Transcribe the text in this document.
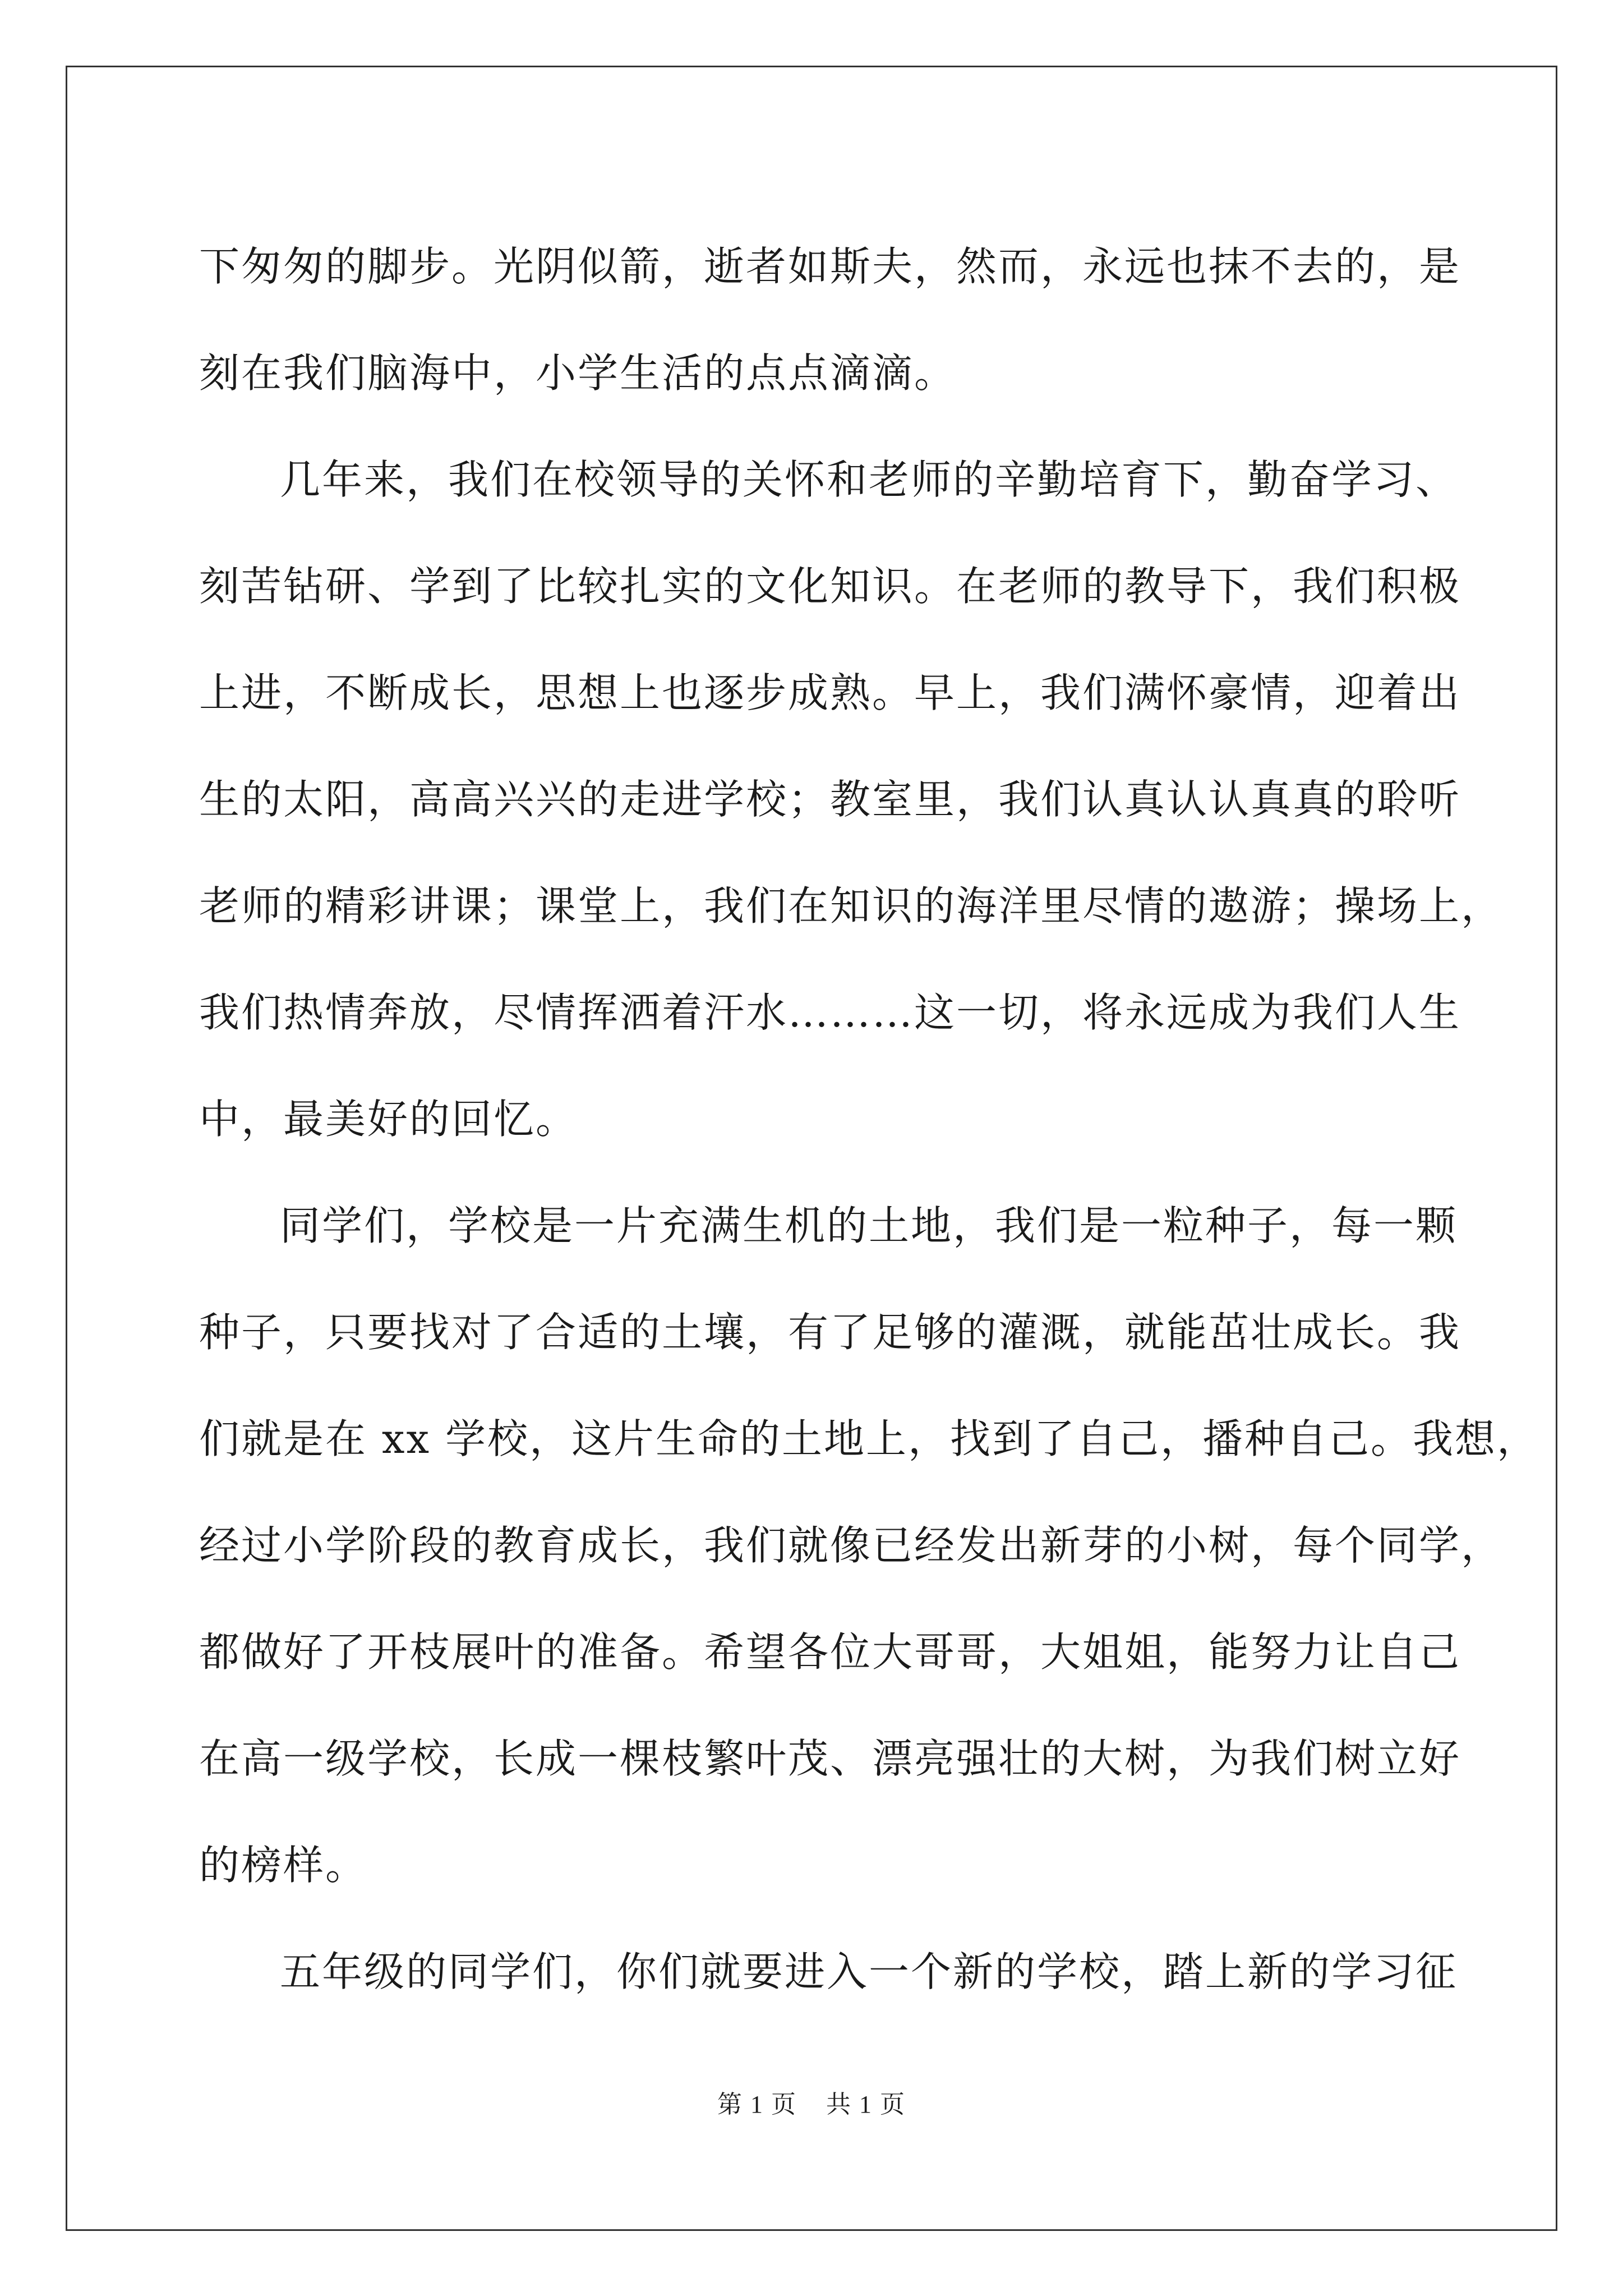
下匆匆的脚步。光阴似箭，逝者如斯夫，然而，永远也抹不去的，是
刻在我们脑海中，小学生活的点点滴滴。
几年来，我们在校领导的关怀和老师的辛勤培育下，勤奋学习、
刻苦钻研、学到了比较扎实的文化知识。在老师的教导下，我们积极
上进，不断成长，思想上也逐步成熟。早上，我们满怀豪情，迎着出
生的太阳，高高兴兴的走进学校；教室里，我们认真认认真真的聆听
老师的精彩讲课；课堂上，我们在知识的海洋里尽情的遨游；操场上，
我们热情奔放，尽情挥洒着汗水………这一切，将永远成为我们人生
中，最美好的回忆。
同学们，学校是一片充满生机的土地，我们是一粒种子，每一颗
种子，只要找对了合适的土壤，有了足够的灌溉，就能茁壮成长。我
们就是在 xx 学校，这片生命的土地上，找到了自己，播种自己。我想，
经过小学阶段的教育成长，我们就像已经发出新芽的小树，每个同学，
都做好了开枝展叶的准备。希望各位大哥哥，大姐姐，能努力让自己
在高一级学校，长成一棵枝繁叶茂、漂亮强壮的大树，为我们树立好
的榜样。
五年级的同学们，你们就要进入一个新的学校，踏上新的学习征
第 1 页 共 1 页
